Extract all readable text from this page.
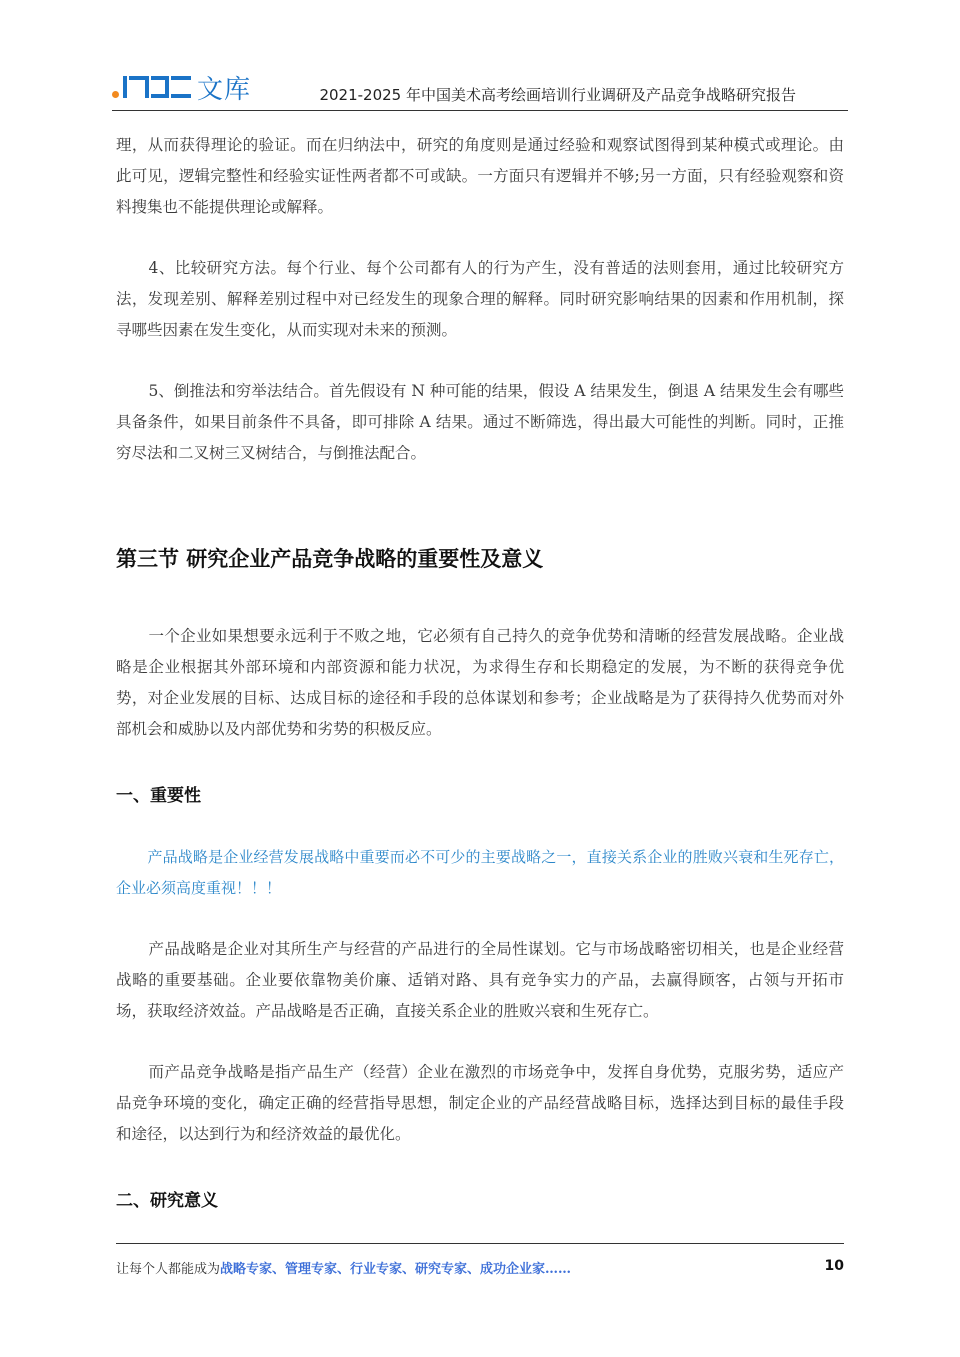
文库	2021-2025 年中国美术高考绘画培训行业调研及产品竞争战略研究报告

理，从而获得理论的验证。而在归纳法中，研究的角度则是通过经验和观察试图得到某种模式或理论。由此可见，逻辑完整性和经验实证性两者都不可或缺。一方面只有逻辑并不够;另一方面，只有经验观察和资料搜集也不能提供理论或解释。

4、比较研究方法。每个行业、每个公司都有人的行为产生，没有普适的法则套用，通过比较研究方法，发现差别、解释差别过程中对已经发生的现象合理的解释。同时研究影响结果的因素和作用机制，探寻哪些因素在发生变化，从而实现对未来的预测。

5、倒推法和穷举法结合。首先假设有 N 种可能的结果，假设 A 结果发生，倒退 A 结果发生会有哪些具备条件，如果目前条件不具备，即可排除 A 结果。通过不断筛选，得出最大可能性的判断。同时，正推穷尽法和二叉树三叉树结合，与倒推法配合。

第三节 研究企业产品竞争战略的重要性及意义

一个企业如果想要永远利于不败之地，它必须有自己持久的竞争优势和清晰的经营发展战略。企业战略是企业根据其外部环境和内部资源和能力状况，为求得生存和长期稳定的发展，为不断的获得竞争优势，对企业发展的目标、达成目标的途径和手段的总体谋划和参考；企业战略是为了获得持久优势而对外部机会和威胁以及内部优势和劣势的积极反应。

一、重要性

产品战略是企业经营发展战略中重要而必不可少的主要战略之一，直接关系企业的胜败兴衰和生死存亡，企业必须高度重视！！！

产品战略是企业对其所生产与经营的产品进行的全局性谋划。它与市场战略密切相关，也是企业经营战略的重要基础。企业要依靠物美价廉、适销对路、具有竞争实力的产品，去赢得顾客，占领与开拓市场，获取经济效益。产品战略是否正确，直接关系企业的胜败兴衰和生死存亡。

而产品竞争战略是指产品生产（经营）企业在激烈的市场竞争中，发挥自身优势，克服劣势，适应产品竞争环境的变化，确定正确的经营指导思想，制定企业的产品经营战略目标，选择达到目标的最佳手段和途径，以达到行为和经济效益的最优化。

二、研究意义
让每个人都能成为战略专家、管理专家、行业专家、研究专家、成功企业家……	10
